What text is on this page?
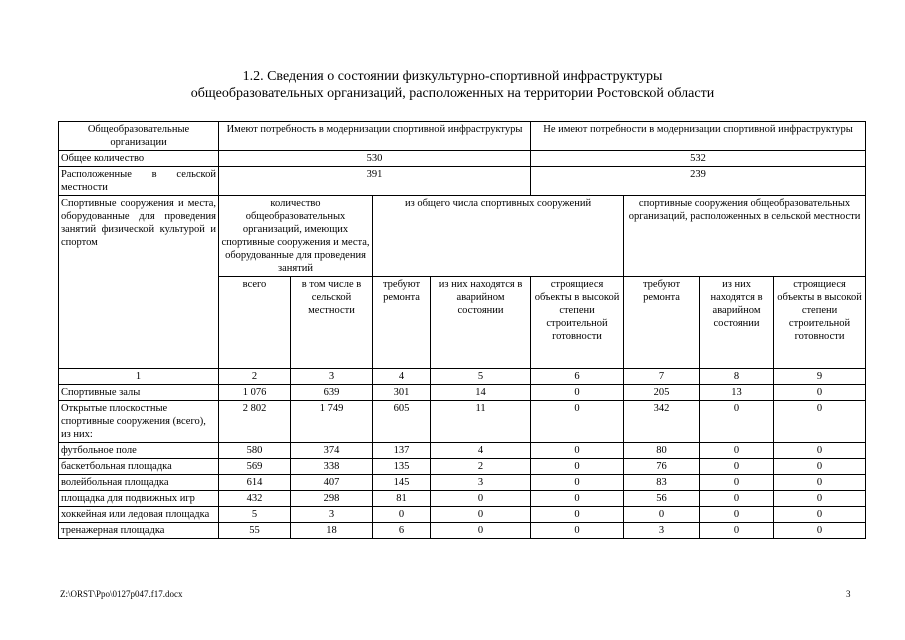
1.2. Сведения о состоянии физкультурно-спортивной инфраструктуры
общеобразовательных организаций, расположенных на территории Ростовской области
Общеобразовательные организации	Имеют потребность в модернизации спортивной инфраструктуры				Не имеют потребности в модернизации спортивной инфраструктуры			
Общее количество	530				532			
Расположенные в сельской местности	391				239			
Спортивные сооружения и места, оборудованные для проведения занятий физической культурой и спортом	количество общеобразовательных организаций, имеющих спортивные сооружения и места, оборудованные для проведения занятий		из общего числа спортивных сооружений			спортивные сооружения общеобразовательных организаций, расположенных в сельской местности		
	всего	в том числе в сельской местности	требуют ремонта	из них находятся в аварийном состоянии	строящиеся объекты в высокой степени строительной готовности	требуют ремонта	из них находятся в аварийном состоянии	строящиеся объекты в высокой степени строительной готовности
1	2	3	4	5	6	7	8	9
Спортивные залы	1 076	639	301	14	0	205	13	0
Открытые плоскостные спортивные сооружения (всего), из них:	2 802	1 749	605	11	0	342	0	0
футбольное поле	580	374	137	4	0	80	0	0
баскетбольная площадка	569	338	135	2	0	76	0	0
волейбольная площадка	614	407	145	3	0	83	0	0
площадка для подвижных игр	432	298	81	0	0	56	0	0
хоккейная или ледовая площадка	5	3	0	0	0	0	0	0
тренажерная площадка	55	18	6	0	0	3	0	0
Z:\ORST\Ppo\0127p047.f17.docx	3
